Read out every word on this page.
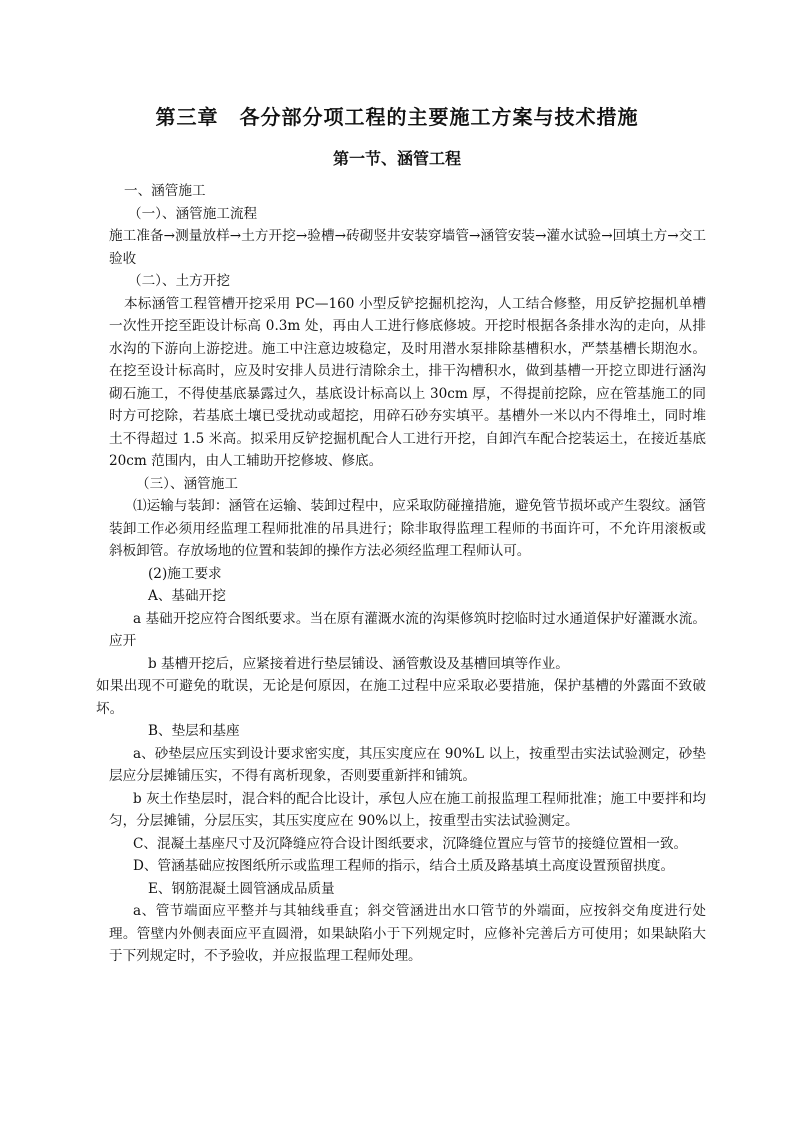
第三章　各分部分项工程的主要施工方案与技术措施
第一节、涵管工程

一、涵管施工

（一）、涵管施工流程

施工准备→测量放样→土方开挖→验槽→砖砌竖井安装穿墙管→涵管安装→灌水试验→回填土方→交工验收

（二）、土方开挖

本标涵管工程管槽开挖采用 PC—160 小型反铲挖掘机挖沟，人工结合修整，用反铲挖掘机单槽一次性开挖至距设计标高 0.3m 处，再由人工进行修底修坡。开挖时根据各条排水沟的走向，从排水沟的下游向上游挖进。施工中注意边坡稳定，及时用潜水泵排除基槽积水，严禁基槽长期泡水。在挖至设计标高时，应及时安排人员进行清除余土，排干沟槽积水，做到基槽一开挖立即进行涵沟砌石施工，不得使基底暴露过久，基底设计标高以上 30cm 厚，不得提前挖除，应在管基施工的同时方可挖除，若基底土壤已受扰动或超挖，用碎石砂夯实填平。基槽外一米以内不得堆土，同时堆土不得超过 1.5 米高。拟采用反铲挖掘机配合人工进行开挖，自卸汽车配合挖装运土，在接近基底 20cm 范围内，由人工辅助开挖修坡、修底。

（三）、涵管施工

⑴运输与装卸：涵管在运输、装卸过程中，应采取防碰撞措施，避免管节损坏或产生裂纹。涵管装卸工作必须用经监理工程师批准的吊具进行；除非取得监理工程师的书面许可，不允许用滚板或斜板卸管。存放场地的位置和装卸的操作方法必须经监理工程师认可。

(2)施工要求

A、基础开挖

a 基础开挖应符合图纸要求。当在原有灌溉水流的沟渠修筑时挖临时过水通道保护好灌溉水流。应开

b 基槽开挖后，应紧接着进行垫层铺设、涵管敷设及基槽回填等作业。

如果出现不可避免的耽误，无论是何原因，在施工过程中应采取必要措施，保护基槽的外露面不致破坏。

B、垫层和基座

a、砂垫层应压实到设计要求密实度，其压实度应在 90%L 以上，按重型击实法试验测定，砂垫层应分层摊铺压实，不得有离析现象，否则要重新拌和铺筑。

b 灰土作垫层时，混合料的配合比设计，承包人应在施工前报监理工程师批准；施工中要拌和均匀，分层摊铺，分层压实，其压实度应在 90%以上，按重型击实法试验测定。

C、混凝土基座尺寸及沉降缝应符合设计图纸要求，沉降缝位置应与管节的接缝位置相一致。

D、管涵基础应按图纸所示或监理工程师的指示，结合土质及路基填土高度设置预留拱度。

E、钢筋混凝土圆管涵成品质量

a、管节端面应平整并与其轴线垂直；斜交管涵进出水口管节的外端面，应按斜交角度进行处理。管壁内外侧表面应平直圆滑，如果缺陷小于下列规定时，应修补完善后方可使用；如果缺陷大于下列规定时，不予验收，并应报监理工程师处理。
